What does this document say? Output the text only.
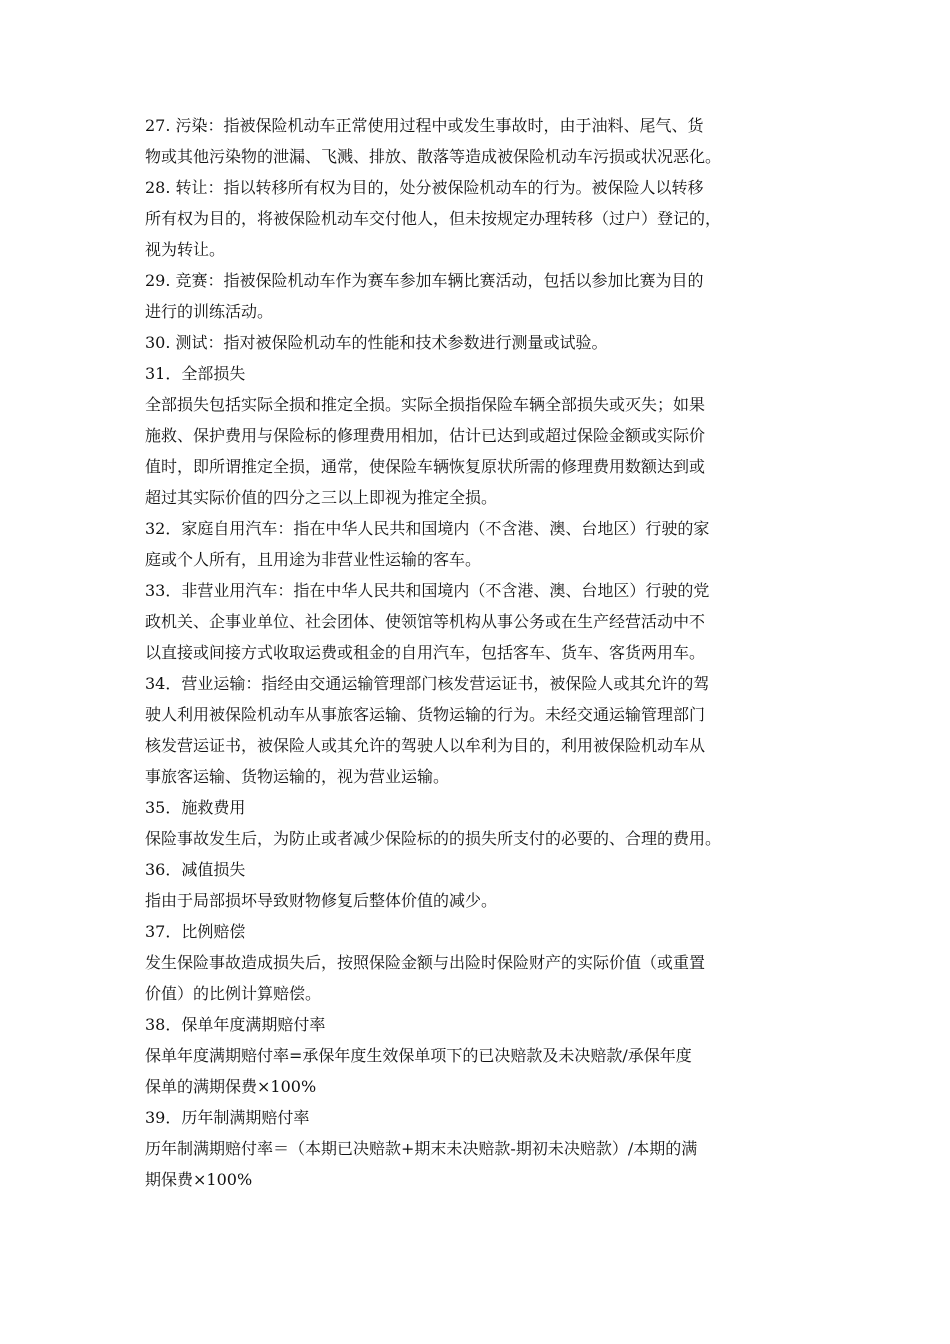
27. 污染：指被保险机动车正常使用过程中或发生事故时，由于油料、尾气、货
物或其他污染物的泄漏、飞溅、排放、散落等造成被保险机动车污损或状况恶化。
28. 转让：指以转移所有权为目的，处分被保险机动车的行为。被保险人以转移
所有权为目的，将被保险机动车交付他人，但未按规定办理转移（过户）登记的，
视为转让。
29. 竞赛：指被保险机动车作为赛车参加车辆比赛活动，包括以参加比赛为目的
进行的训练活动。
30. 测试：指对被保险机动车的性能和技术参数进行测量或试验。
31．全部损失
全部损失包括实际全损和推定全损。实际全损指保险车辆全部损失或灭失；如果
施救、保护费用与保险标的修理费用相加，估计已达到或超过保险金额或实际价
值时，即所谓推定全损，通常，使保险车辆恢复原状所需的修理费用数额达到或
超过其实际价值的四分之三以上即视为推定全损。
32．家庭自用汽车：指在中华人民共和国境内（不含港、澳、台地区）行驶的家
庭或个人所有，且用途为非营业性运输的客车。
33．非营业用汽车：指在中华人民共和国境内（不含港、澳、台地区）行驶的党
政机关、企事业单位、社会团体、使领馆等机构从事公务或在生产经营活动中不
以直接或间接方式收取运费或租金的自用汽车，包括客车、货车、客货两用车。
34．营业运输：指经由交通运输管理部门核发营运证书，被保险人或其允许的驾
驶人利用被保险机动车从事旅客运输、货物运输的行为。未经交通运输管理部门
核发营运证书，被保险人或其允许的驾驶人以牟利为目的，利用被保险机动车从
事旅客运输、货物运输的，视为营业运输。
35．施救费用
保险事故发生后，为防止或者减少保险标的的损失所支付的必要的、合理的费用。
36．减值损失
指由于局部损坏导致财物修复后整体价值的减少。
37．比例赔偿
发生保险事故造成损失后，按照保险金额与出险时保险财产的实际价值（或重置
价值）的比例计算赔偿。
38．保单年度满期赔付率
保单年度满期赔付率=承保年度生效保单项下的已决赔款及未决赔款/承保年度
保单的满期保费×100%
39．历年制满期赔付率
历年制满期赔付率＝（本期已决赔款+期末未决赔款-期初未决赔款）/本期的满
期保费×100%
